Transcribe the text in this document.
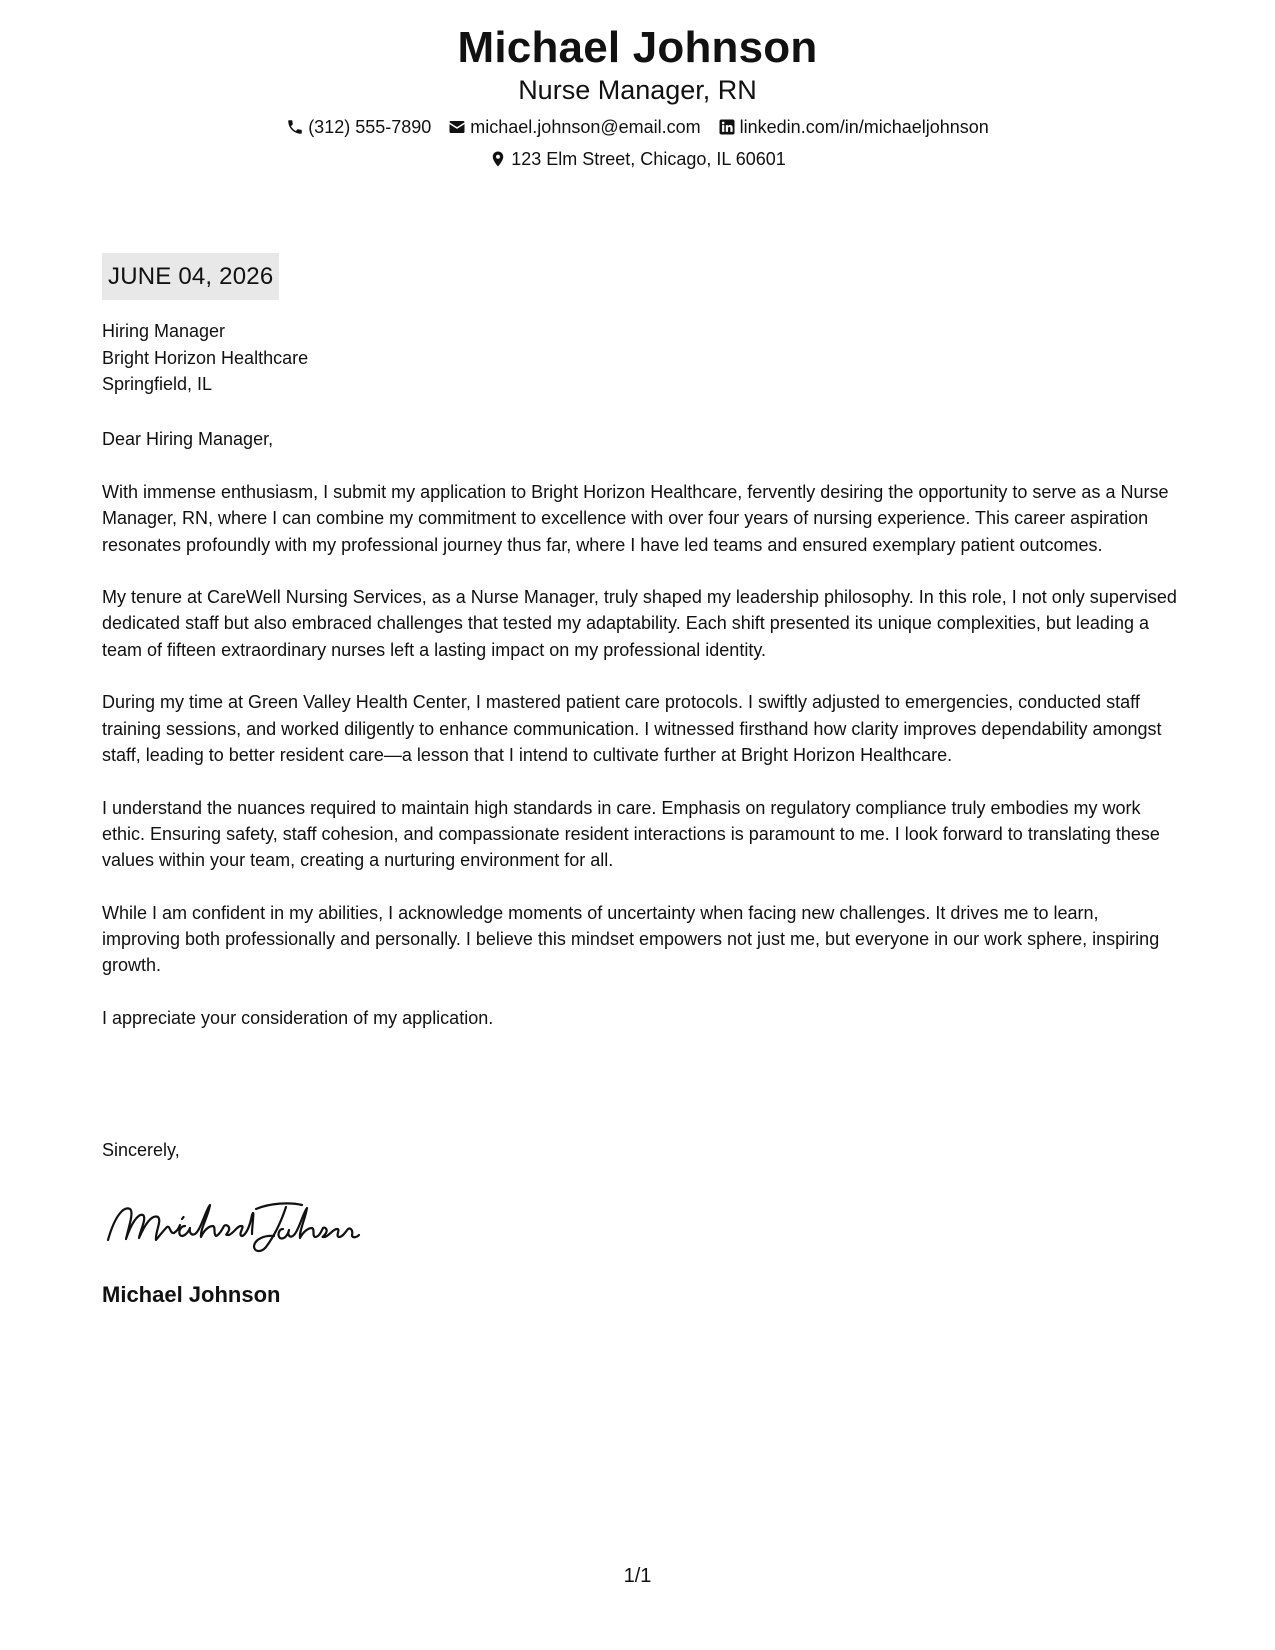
Michael Johnson
Nurse Manager, RN
(312) 555-7890 michael.johnson@email.com linkedin.com/in/michaeljohnson
123 Elm Street, Chicago, IL 60601
JUNE 04, 2026
Hiring Manager
Bright Horizon Healthcare
Springfield, IL
Dear Hiring Manager,

With immense enthusiasm, I submit my application to Bright Horizon Healthcare, fervently desiring the opportunity to serve as a Nurse Manager, RN, where I can combine my commitment to excellence with over four years of nursing experience. This career aspiration resonates profoundly with my professional journey thus far, where I have led teams and ensured exemplary patient outcomes.

My tenure at CareWell Nursing Services, as a Nurse Manager, truly shaped my leadership philosophy. In this role, I not only supervised dedicated staff but also embraced challenges that tested my adaptability. Each shift presented its unique complexities, but leading a team of fifteen extraordinary nurses left a lasting impact on my professional identity.

During my time at Green Valley Health Center, I mastered patient care protocols. I swiftly adjusted to emergencies, conducted staff training sessions, and worked diligently to enhance communication. I witnessed firsthand how clarity improves dependability amongst staff, leading to better resident care—a lesson that I intend to cultivate further at Bright Horizon Healthcare.

I understand the nuances required to maintain high standards in care. Emphasis on regulatory compliance truly embodies my work ethic. Ensuring safety, staff cohesion, and compassionate resident interactions is paramount to me. I look forward to translating these values within your team, creating a nurturing environment for all.

While I am confident in my abilities, I acknowledge moments of uncertainty when facing new challenges. It drives me to learn, improving both professionally and personally. I believe this mindset empowers not just me, but everyone in our work sphere, inspiring growth.

I appreciate your consideration of my application.

Sincerely,
Michael Johnson
1/1
